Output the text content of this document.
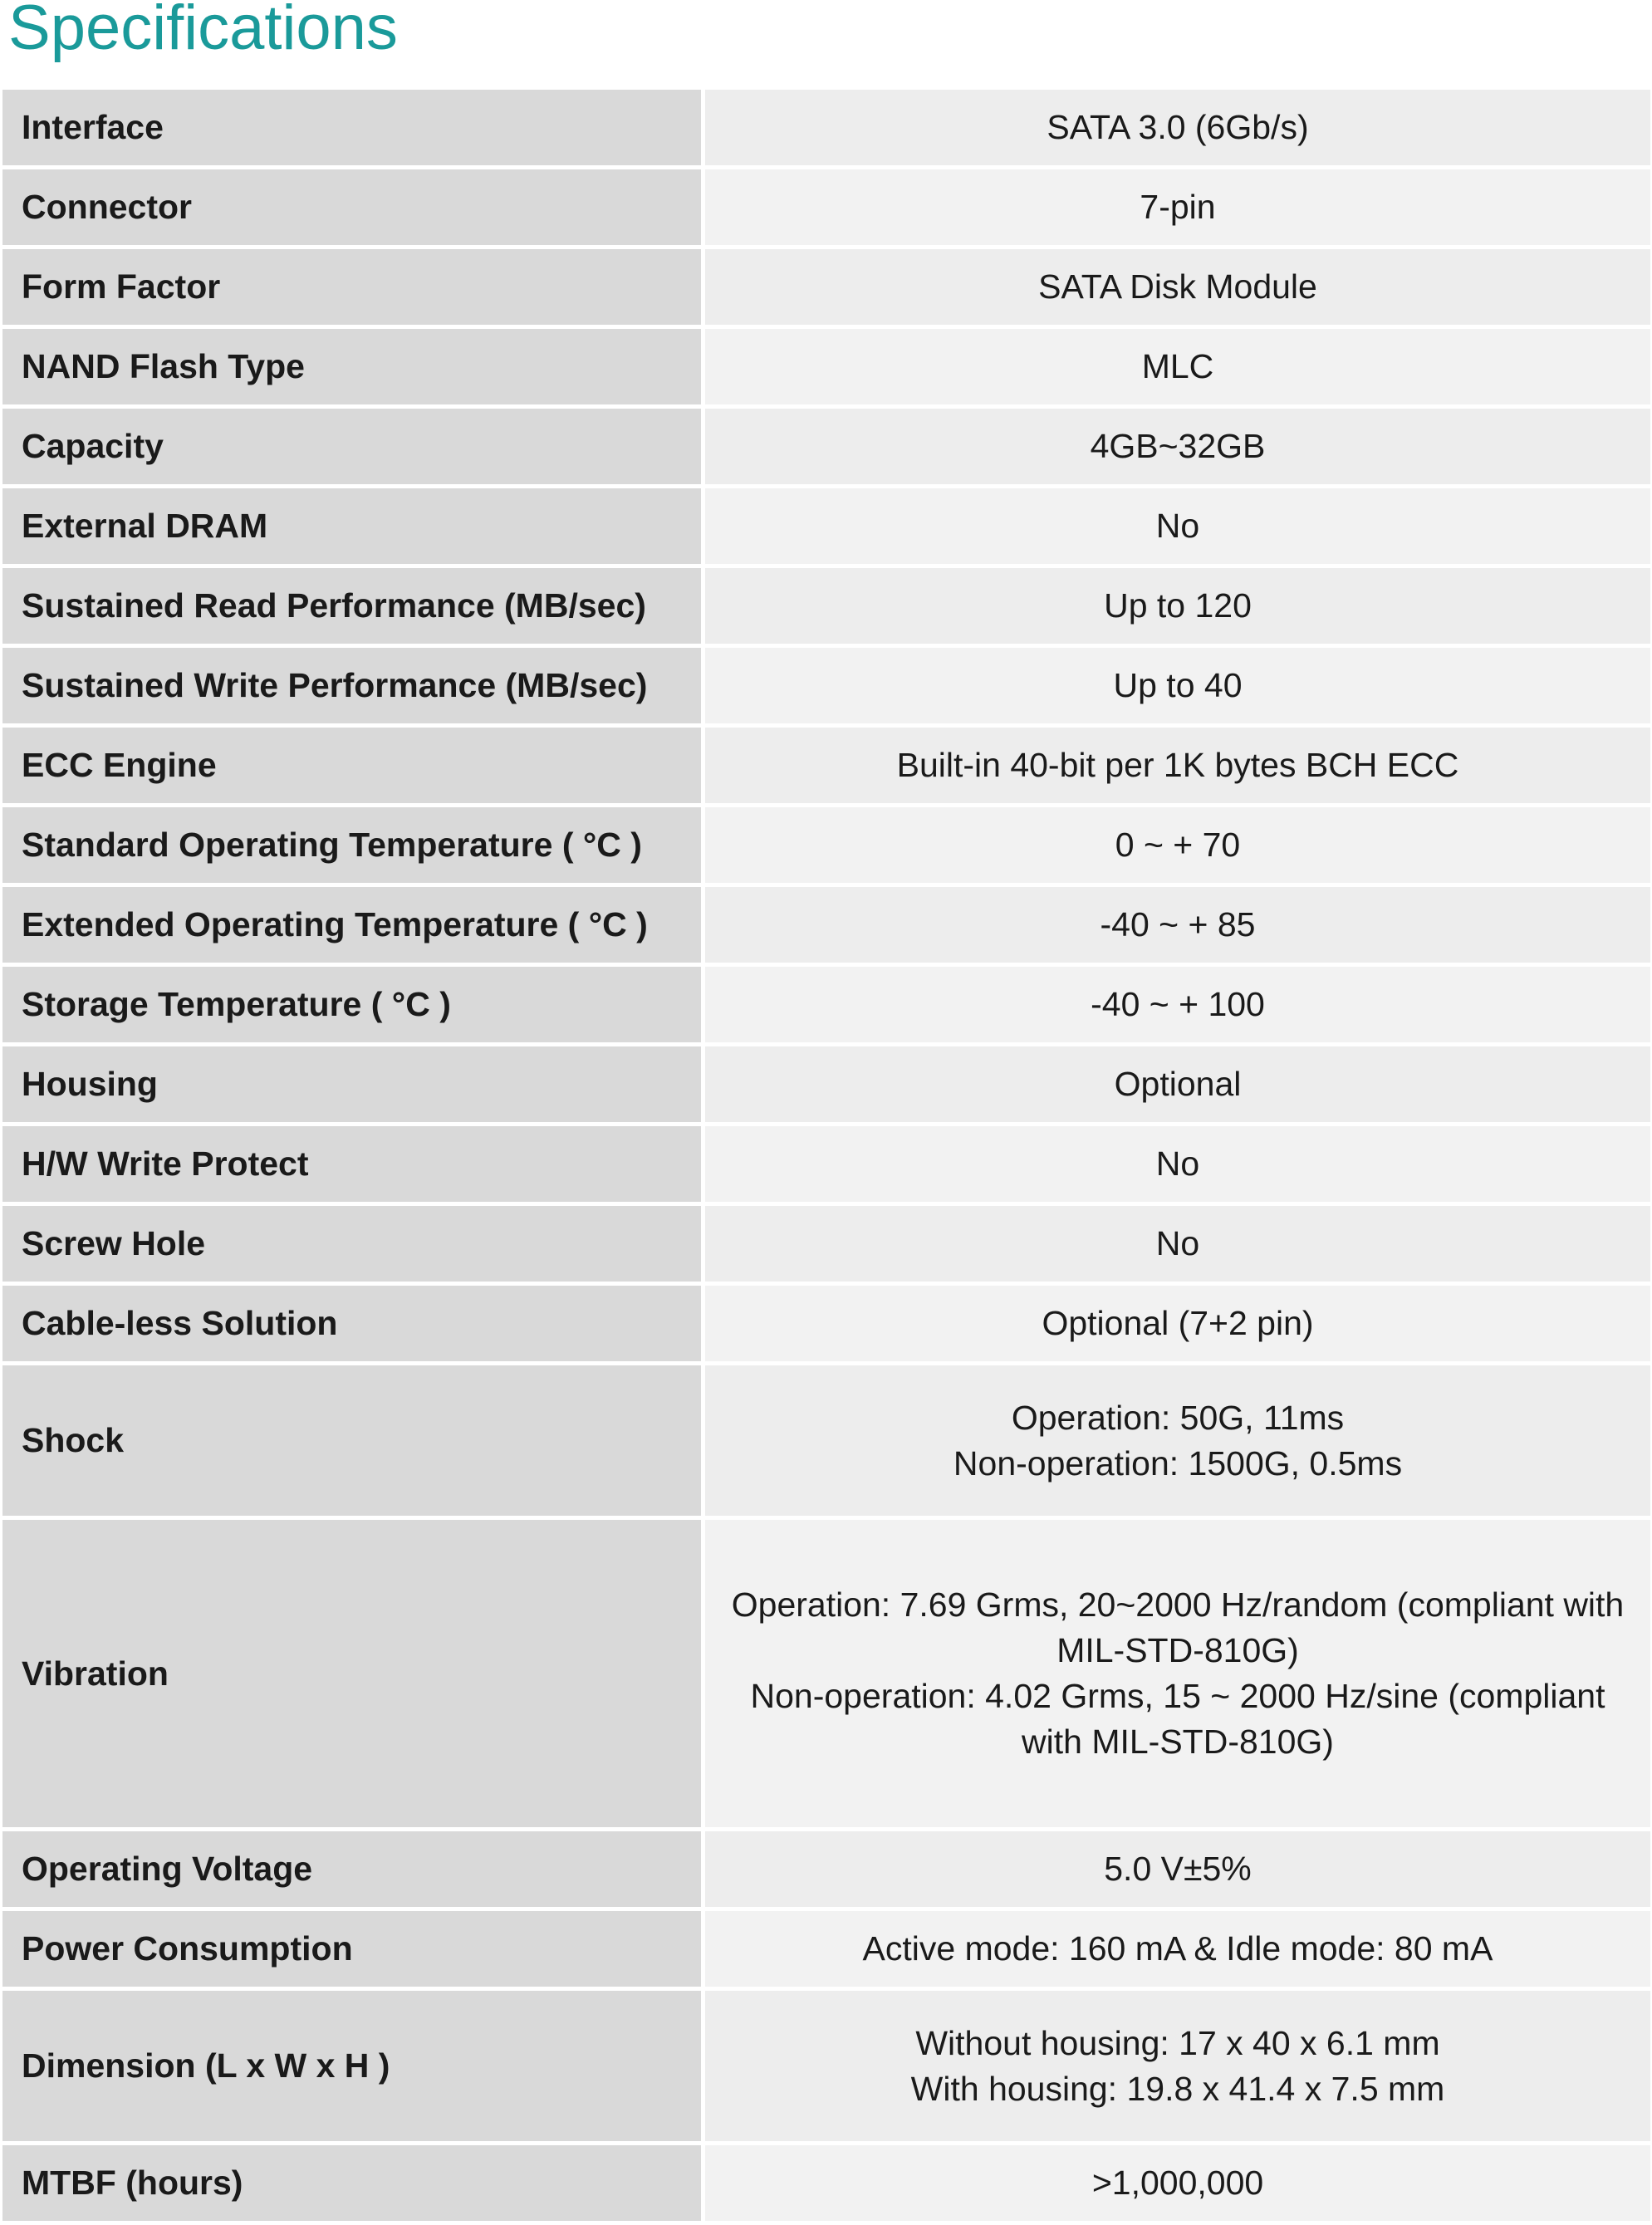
Specifications
Interface	SATA 3.0 (6Gb/s)

Connector	7-pin

Form Factor	SATA Disk Module

NAND Flash Type	MLC

Capacity	4GB~32GB

External DRAM	No

Sustained Read Performance (MB/sec)	Up to 120

Sustained Write Performance (MB/sec)	Up to 40

ECC Engine	Built-in 40-bit per 1K bytes BCH ECC

Standard Operating Temperature ( °C )	0 ~ + 70

Extended Operating Temperature ( °C )	-40 ~ + 85

Storage Temperature ( °C )	-40 ~ + 100

Housing	Optional

H/W Write Protect	No

Screw Hole	No

Cable-less Solution	Optional (7+2 pin)

Shock	Operation: 50G, 11ms
Non-operation: 1500G, 0.5ms

Vibration	Operation: 7.69 Grms, 20~2000 Hz/random (compliant with
MIL-STD-810G)
Non-operation: 4.02 Grms, 15 ~ 2000 Hz/sine (compliant
with MIL-STD-810G)

Operating Voltage	5.0 V±5%

Power Consumption	Active mode: 160 mA & Idle mode: 80 mA

Dimension (L x W x H )	Without housing: 17 x 40 x 6.1 mm
With housing: 19.8 x 41.4 x 7.5 mm

MTBF (hours)	>1,000,000
